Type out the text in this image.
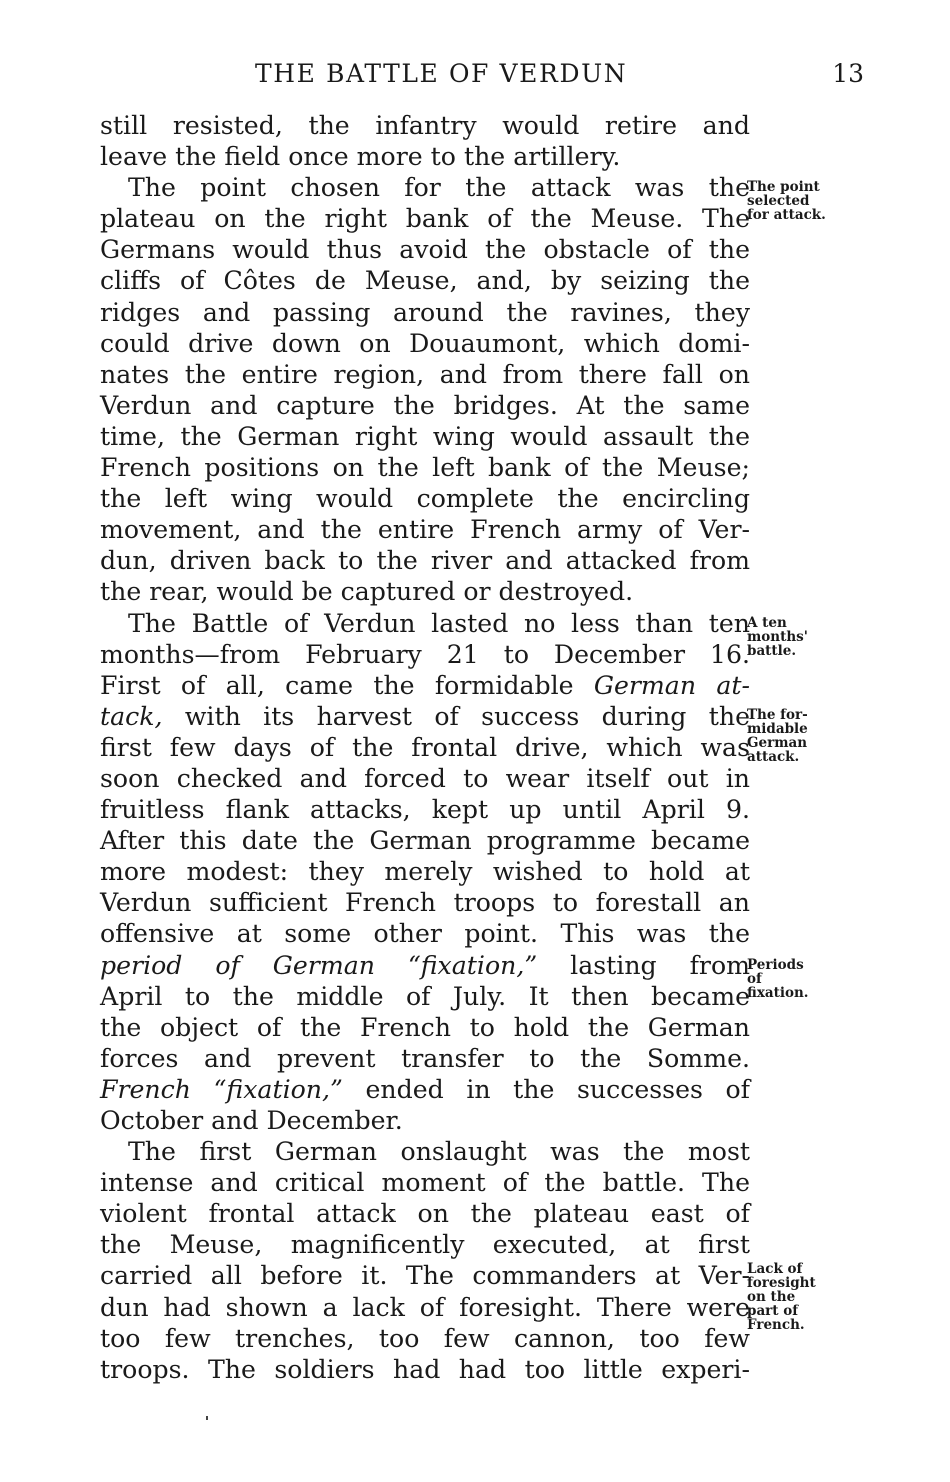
THE BATTLE OF VERDUN	13
still resisted, the infantry would retire and
leave the field once more to the artillery.
The point chosen for the attack was the
plateau on the right bank of the Meuse. The
Germans would thus avoid the obstacle of the
cliffs of Côtes de Meuse, and, by seizing the
ridges and passing around the ravines, they
could drive down on Douaumont, which domi-
nates the entire region, and from there fall on
Verdun and capture the bridges. At the same
time, the German right wing would assault the
French positions on the left bank of the Meuse;
the left wing would complete the encircling
movement, and the entire French army of Ver-
dun, driven back to the river and attacked from
the rear, would be captured or destroyed.
The Battle of Verdun lasted no less than ten
months—from February 21 to December 16.
First of all, came the formidable German at-
tack, with its harvest of success during the
first few days of the frontal drive, which was
soon checked and forced to wear itself out in
fruitless flank attacks, kept up until April 9.
After this date the German programme became
more modest: they merely wished to hold at
Verdun sufficient French troops to forestall an
offensive at some other point. This was the
period of German “fixation,” lasting from
April to the middle of July. It then became
the object of the French to hold the German
forces and prevent transfer to the Somme.
French “fixation,” ended in the successes of
October and December.
The first German onslaught was the most
intense and critical moment of the battle. The
violent frontal attack on the plateau east of
the Meuse, magnificently executed, at first
carried all before it. The commanders at Ver-
dun had shown a lack of foresight. There were
too few trenches, too few cannon, too few
troops. The soldiers had had too little experi-
The point
selected
for attack.
A ten
months'
battle.
The for-
midable
German
attack.
Periods
of
fixation.
Lack of
foresight
on the
part of
French.
